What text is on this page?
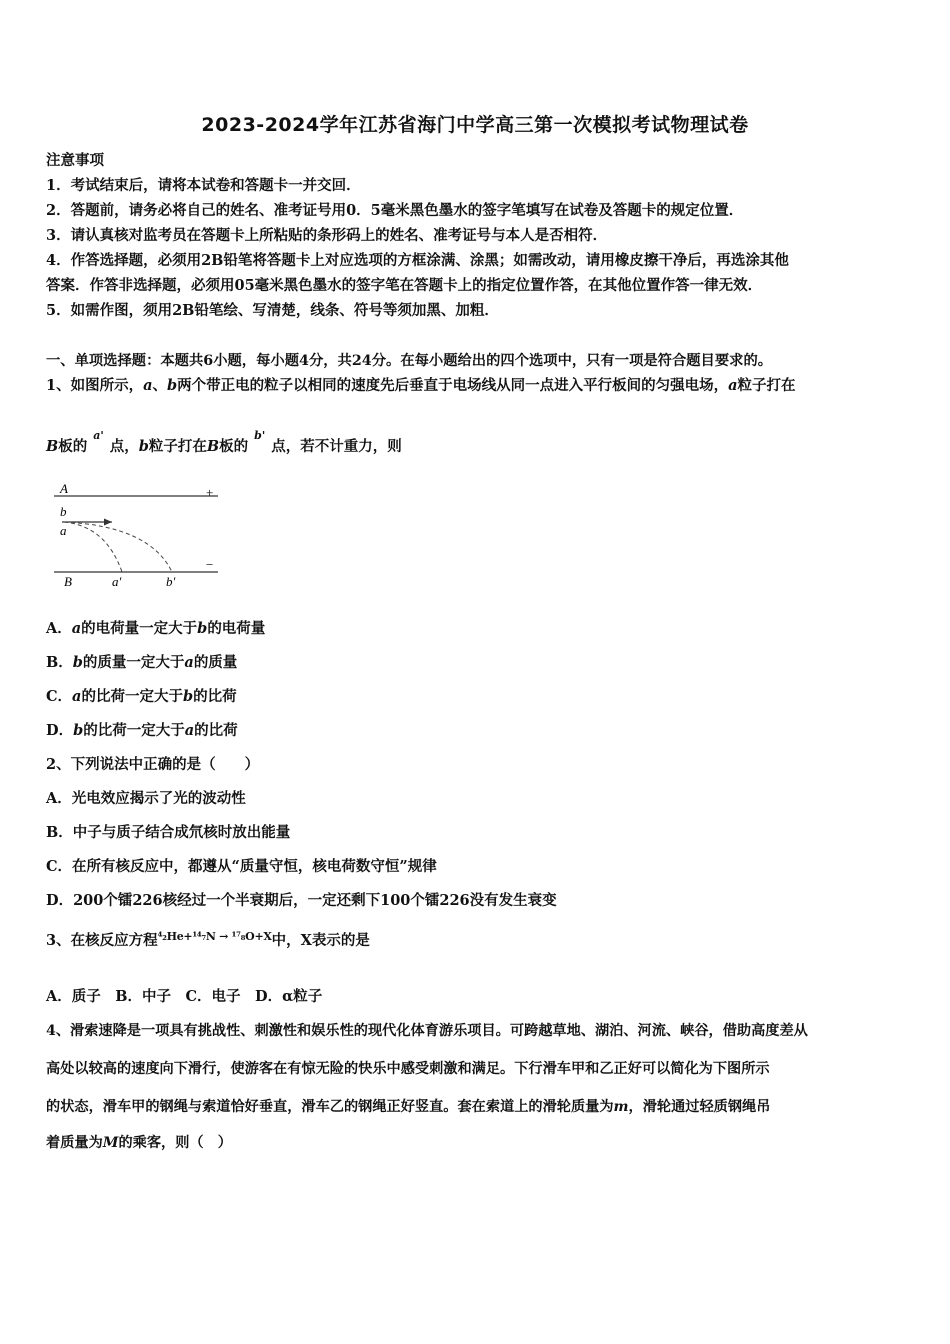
2023-2024学年江苏省海门中学高三第一次模拟考试物理试卷
注意事项
1．考试结束后，请将本试卷和答题卡一并交回．
2．答题前，请务必将自己的姓名、准考证号用0．5毫米黑色墨水的签字笔填写在试卷及答题卡的规定位置．
3．请认真核对监考员在答题卡上所粘贴的条形码上的姓名、准考证号与本人是否相符．
4．作答选择题，必须用2B铅笔将答题卡上对应选项的方框涂满、涂黑；如需改动，请用橡皮擦干净后，再选涂其他
答案．作答非选择题，必须用05毫米黑色墨水的签字笔在答题卡上的指定位置作答，在其他位置作答一律无效．
5．如需作图，须用2B铅笔绘、写清楚，线条、符号等须加黑、加粗．
一、单项选择题：本题共6小题，每小题4分，共24分。在每小题给出的四个选项中，只有一项是符合题目要求的。
1、如图所示，a、b两个带正电的粒子以相同的速度先后垂直于电场线从同一点进入平行板间的匀强电场，a粒子打在
B板的$^{a'}$点，b粒子打在B板的$^{b'}$点，若不计重力，则
A	+
B
−
b
a
a′	b′
A．a的电荷量一定大于b的电荷量
B．b的质量一定大于a的质量
C．a的比荷一定大于b的比荷
D．b的比荷一定大于a的比荷
2、下列说法中正确的是（　　）
A．光电效应揭示了光的波动性
B．中子与质子结合成氘核时放出能量
C．在所有核反应中，都遵从“质量守恒，核电荷数守恒”规律
D．200个镭226核经过一个半衰期后，一定还剩下100个镭226没有发生衰变
3、在核反应方程$^{^4_2He+^{14}_7N \to ^{17}_8O+X}$中，X表示的是
A．质子　B．中子　C．电子　D．α粒子
4、滑索速降是一项具有挑战性、刺激性和娱乐性的现代化体育游乐项目。可跨越草地、湖泊、河流、峡谷，借助高度差从
高处以较高的速度向下滑行，使游客在有惊无险的快乐中感受刺激和满足。下行滑车甲和乙正好可以简化为下图所示
的状态，滑车甲的钢绳与索道恰好垂直，滑车乙的钢绳正好竖直。套在索道上的滑轮质量为m，滑轮通过轻质钢绳吊
着质量为M的乘客，则（　）
